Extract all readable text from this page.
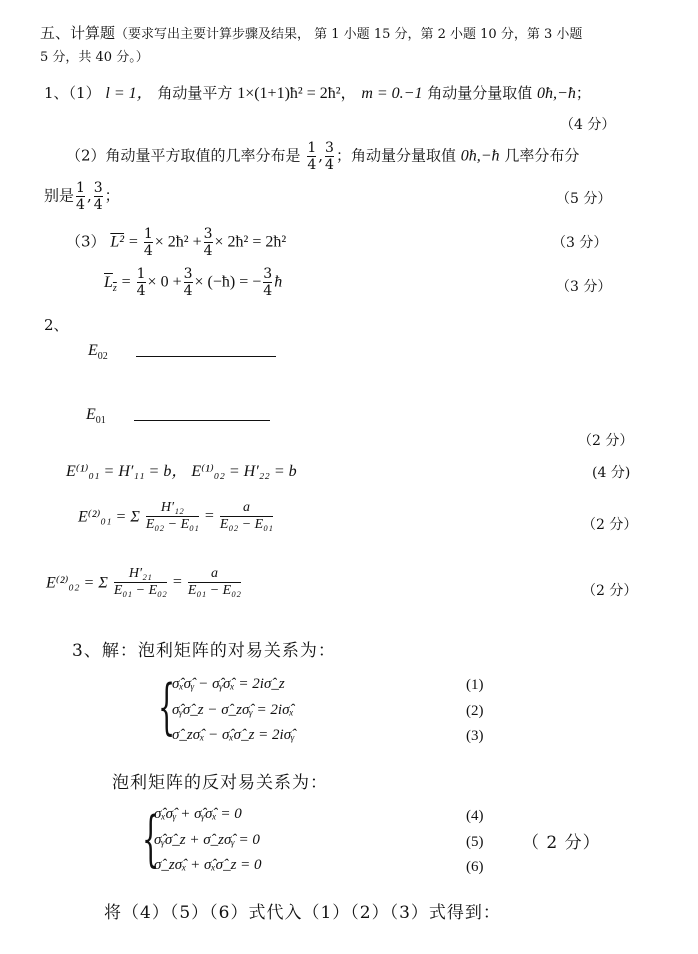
五、计算题（要求写出主要计算步骤及结果， 第 1 小题 15 分，第 2 小题 10 分，第 3 小题
5 分，共 40 分。）
1、（1） l = 1， 角动量平方 1×(1+1)ħ² = 2ħ²， m = 0.−1 角动量分量取值 0ħ,−ħ；
（4 分）
（2）角动量平方取值的几率分布是 $\frac{1}{4}$ , $\frac{3}{4}$ ；角动量分量取值 0ħ,−ħ 几率分布分
别是 $\frac{1}{4}$ , $\frac{3}{4}$ ；	（5 分）
（3） $L^2 = \frac{1}{4}$ × 2ħ² + $\frac{3}{4}$ × 2ħ² = 2ħ²	（3 分）
$L_z = \frac{1}{4} \times 0 + \frac{3}{4}$ × (−ħ) = − $\frac{3}{4}$ ħ	（3 分）
2、
$E_{02}$
$E_{01}$
（2 分）
E⁽¹⁾₀₁ = H′₁₁ = b， E⁽¹⁾₀₂ = H′₂₂ = b	(4 分)
E⁽²⁾₀₁ = Σ $\frac{\text{H′₁₂}}{\text{E₀₂ − E₀₁}} = \frac{a}{\text{E₀₂ − E₀₁}}$	（2 分）
E⁽²⁾₀₂ = Σ $\frac{\text{H′₂₁}}{\text{E₀₁ − E₀₂}} = \frac{a}{\text{E₀₁ − E₀₂}}$	（2 分）
3、解：泡利矩阵的对易关系为：
{
σ̂ₓσ̂ᵧ − σ̂ᵧσ̂ₓ = 2iσ̂_z
σ̂ᵧσ̂_z − σ̂_zσ̂ᵧ = 2iσ̂ₓ
σ̂_zσ̂ₓ − σ̂ₓσ̂_z = 2iσ̂ᵧ
(1)
(2)
(3)
泡利矩阵的反对易关系为：
{
σ̂ₓσ̂ᵧ + σ̂ᵧσ̂ₓ = 0
σ̂ᵧσ̂_z + σ̂_zσ̂ᵧ = 0
σ̂_zσ̂ₓ + σ̂ₓσ̂_z = 0
(4)
(5)
(6)
（ 2 分）
将（4）（5）（6）式代入（1）（2）（3）式得到：
